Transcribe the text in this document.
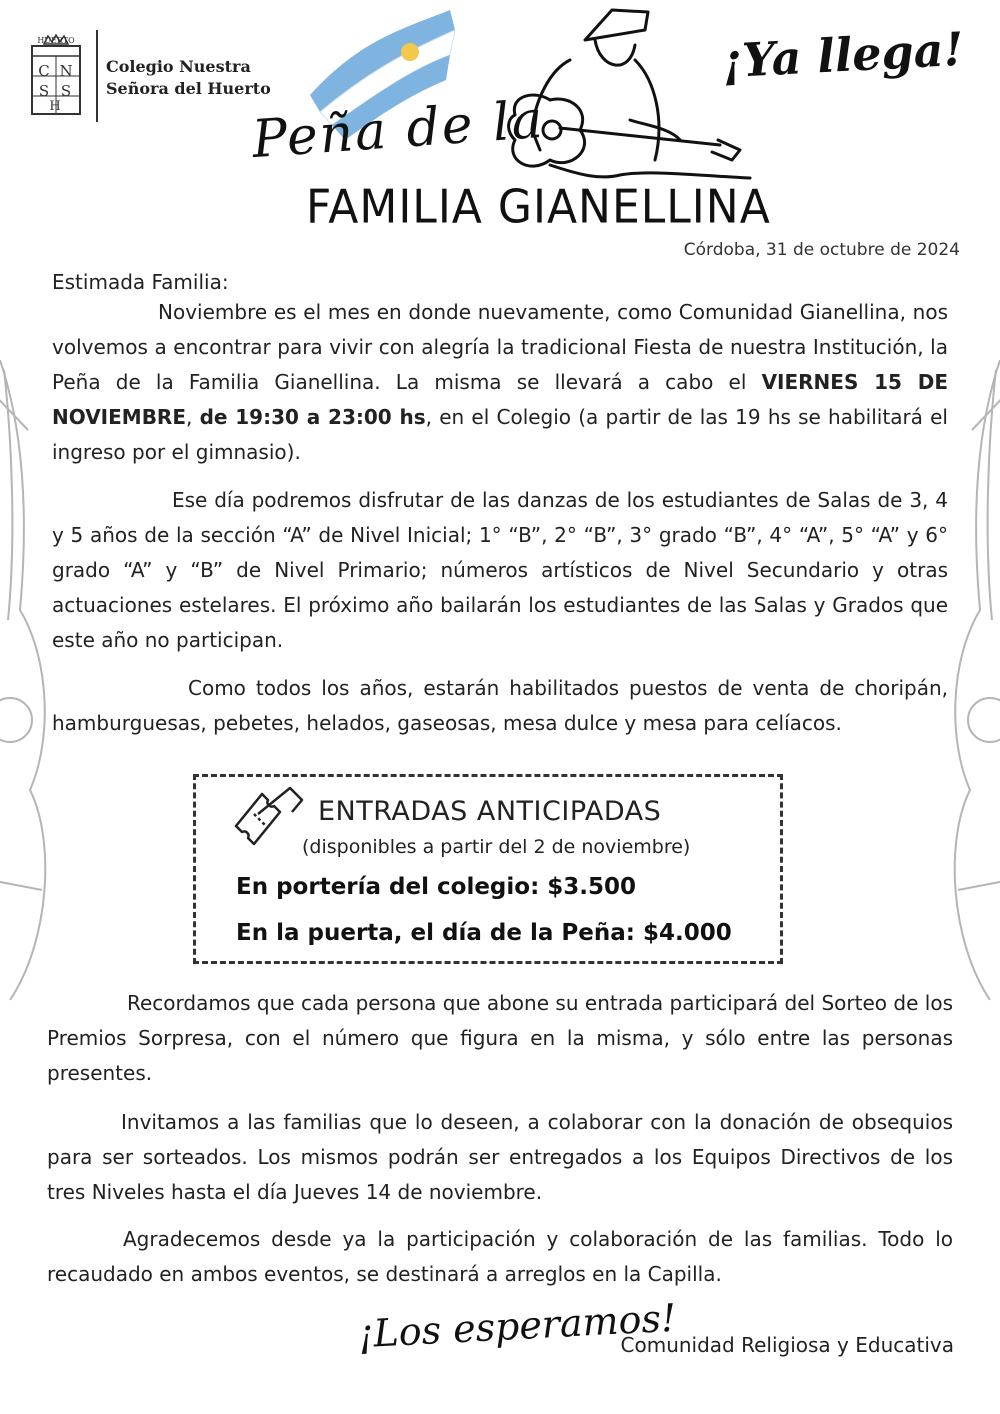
HUERTO
C N
S S
H
Colegio Nuestra
Señora del Huerto
Peña de la
FAMILIA GIANELLINA
¡Ya llega!
Córdoba, 31 de octubre de 2024
Estimada Familia:
Noviembre es el mes en donde nuevamente, como Comunidad Gianellina, nos volvemos a encontrar para vivir con alegría la tradicional Fiesta de nuestra Institución, la Peña de la Familia Gianellina. La misma se llevará a cabo el VIERNES 15 DE NOVIEMBRE, de 19:30 a 23:00 hs, en el Colegio (a partir de las 19 hs se habilitará el ingreso por el gimnasio).
Ese día podremos disfrutar de las danzas de los estudiantes de Salas de 3, 4 y 5 años de la sección “A” de Nivel Inicial; 1° “B”, 2° “B”, 3° grado “B”, 4° “A”, 5° “A” y 6° grado “A” y “B” de Nivel Primario; números artísticos de Nivel Secundario y otras actuaciones estelares. El próximo año bailarán los estudiantes de las Salas y Grados que este año no participan.
Como todos los años, estarán habilitados puestos de venta de choripán, hamburguesas, pebetes, helados, gaseosas, mesa dulce y mesa para celíacos.
ENTRADAS ANTICIPADAS
(disponibles a partir del 2 de noviembre)
En portería del colegio: $3.500
En la puerta, el día de la Peña: $4.000
Recordamos que cada persona que abone su entrada participará del Sorteo de los Premios Sorpresa, con el número que figura en la misma, y sólo entre las personas presentes.
Invitamos a las familias que lo deseen, a colaborar con la donación de obsequios para ser sorteados. Los mismos podrán ser entregados a los Equipos Directivos de los tres Niveles hasta el día Jueves 14 de noviembre.
Agradecemos desde ya la participación y colaboración de las familias. Todo lo recaudado en ambos eventos, se destinará a arreglos en la Capilla.
¡Los esperamos!
Comunidad Religiosa y Educativa
